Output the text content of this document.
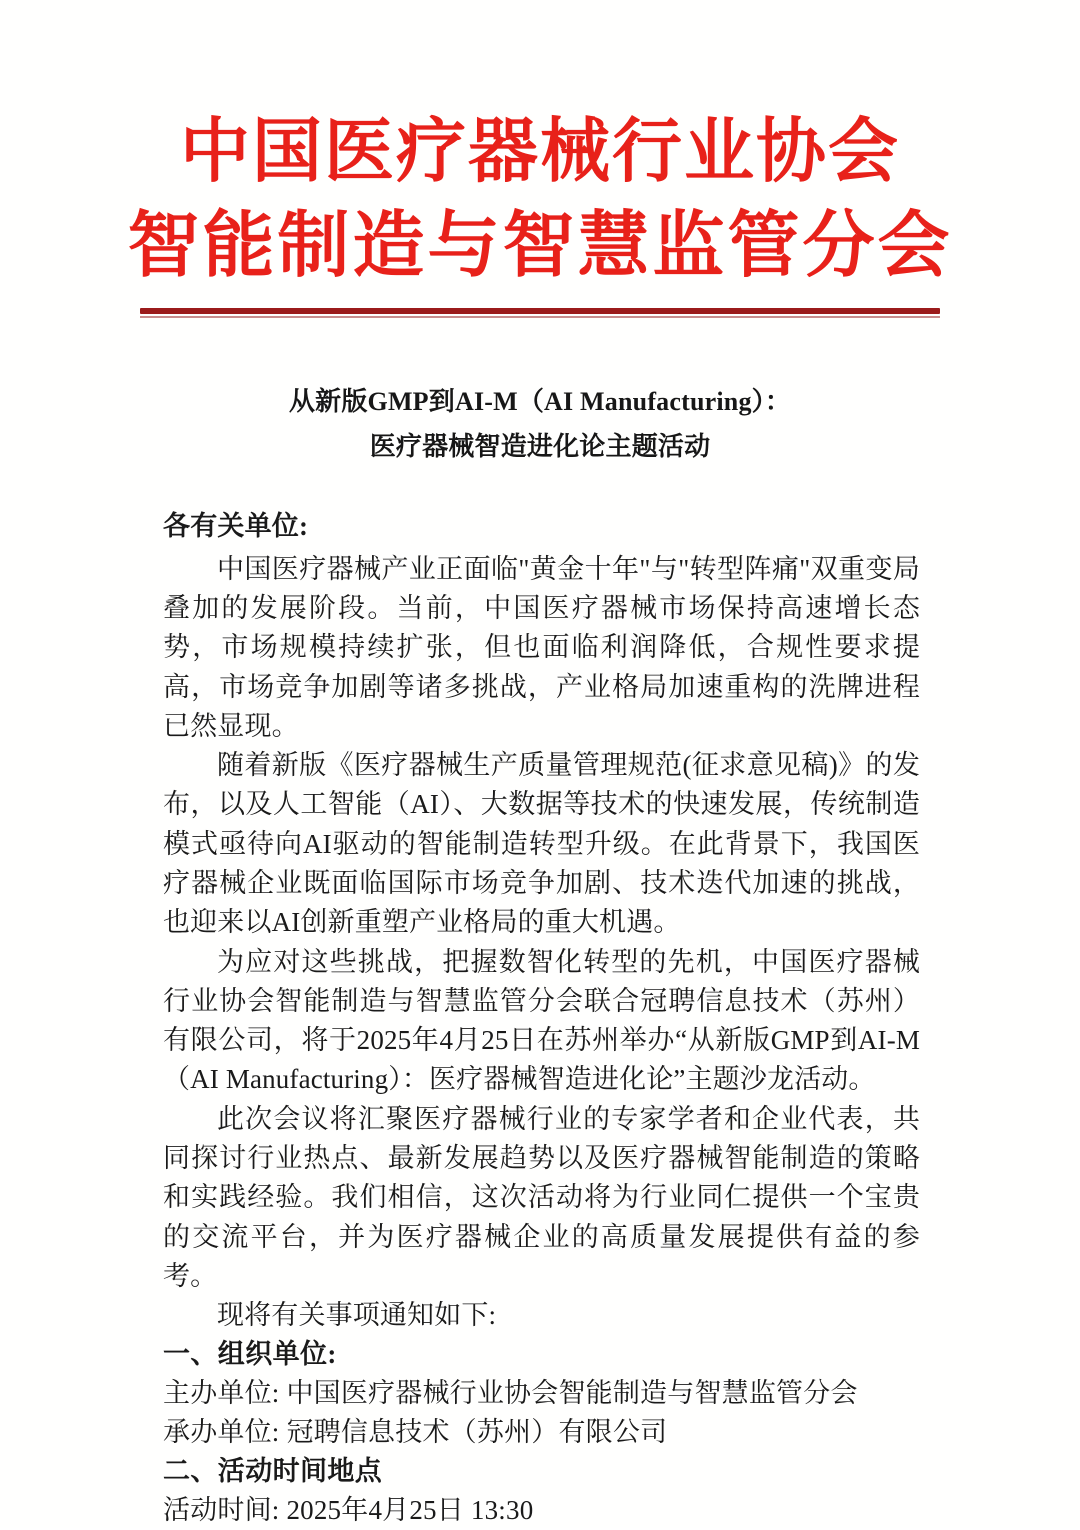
中国医疗器械行业协会
智能制造与智慧监管分会
从新版GMP到AI-M（AI Manufacturing）：
医疗器械智造进化论主题活动
各有关单位:

中国医疗器械产业正面临"黄金十年"与"转型阵痛"双重变局叠加的发展阶段。当前，中国医疗器械市场保持高速增长态势，市场规模持续扩张，但也面临利润降低，合规性要求提高，市场竞争加剧等诸多挑战，产业格局加速重构的洗牌进程已然显现。

随着新版《医疗器械生产质量管理规范(征求意见稿)》的发布，以及人工智能（AI）、大数据等技术的快速发展，传统制造模式亟待向AI驱动的智能制造转型升级。在此背景下，我国医疗器械企业既面临国际市场竞争加剧、技术迭代加速的挑战，也迎来以AI创新重塑产业格局的重大机遇。

为应对这些挑战，把握数智化转型的先机，中国医疗器械行业协会智能制造与智慧监管分会联合冠聘信息技术（苏州）有限公司，将于2025年4月25日在苏州举办“从新版GMP到AI-M（AI Manufacturing）：医疗器械智造进化论”主题沙龙活动。

此次会议将汇聚医疗器械行业的专家学者和企业代表，共同探讨行业热点、最新发展趋势以及医疗器械智能制造的策略和实践经验。我们相信，这次活动将为行业同仁提供一个宝贵的交流平台，并为医疗器械企业的高质量发展提供有益的参考。

现将有关事项通知如下:

一、组织单位:

主办单位: 中国医疗器械行业协会智能制造与智慧监管分会

承办单位: 冠聘信息技术（苏州）有限公司

二、活动时间地点

活动时间: 2025年4月25日 13:30
